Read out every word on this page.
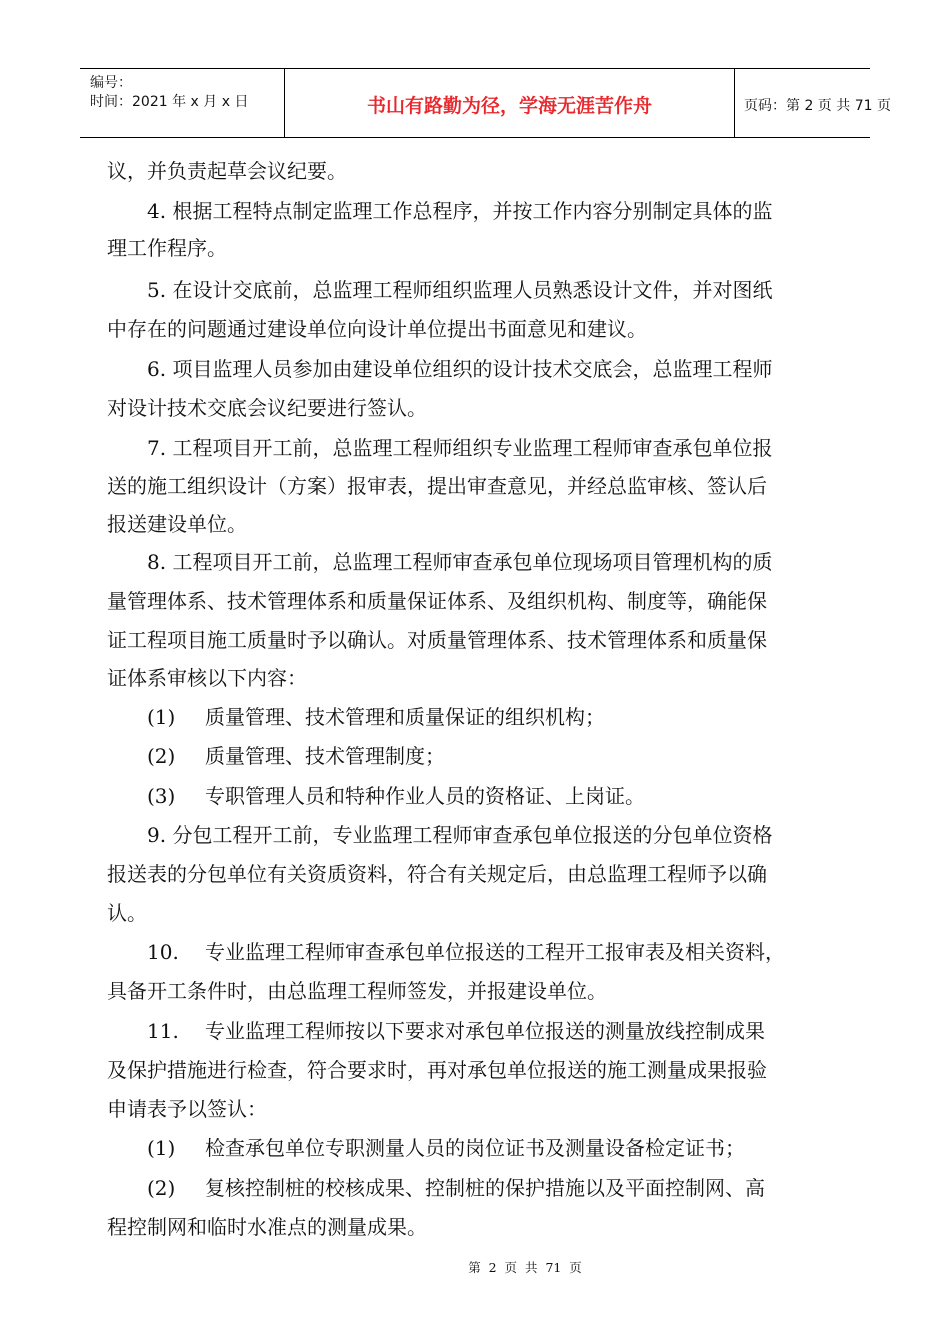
编号：
时间：2021 年 x 月 x 日	书山有路勤为径，学海无涯苦作舟	页码：第 2 页 共 71 页
议，并负责起草会议纪要。
4. 根据工程特点制定监理工作总程序，并按工作内容分别制定具体的监
理工作程序。
5. 在设计交底前，总监理工程师组织监理人员熟悉设计文件，并对图纸
中存在的问题通过建设单位向设计单位提出书面意见和建议。
6. 项目监理人员参加由建设单位组织的设计技术交底会，总监理工程师
对设计技术交底会议纪要进行签认。
7. 工程项目开工前，总监理工程师组织专业监理工程师审查承包单位报
送的施工组织设计（方案）报审表，提出审查意见，并经总监审核、签认后
报送建设单位。
8. 工程项目开工前，总监理工程师审查承包单位现场项目管理机构的质
量管理体系、技术管理体系和质量保证体系、及组织机构、制度等，确能保
证工程项目施工质量时予以确认。对质量管理体系、技术管理体系和质量保
证体系审核以下内容：
(1) 质量管理、技术管理和质量保证的组织机构；
(2) 质量管理、技术管理制度；
(3) 专职管理人员和特种作业人员的资格证、上岗证。
9. 分包工程开工前，专业监理工程师审查承包单位报送的分包单位资格
报送表的分包单位有关资质资料，符合有关规定后，由总监理工程师予以确
认。
10. 专业监理工程师审查承包单位报送的工程开工报审表及相关资料，
具备开工条件时，由总监理工程师签发，并报建设单位。
11. 专业监理工程师按以下要求对承包单位报送的测量放线控制成果
及保护措施进行检查，符合要求时，再对承包单位报送的施工测量成果报验
申请表予以签认：
(1) 检查承包单位专职测量人员的岗位证书及测量设备检定证书；
(2) 复核控制桩的校核成果、控制桩的保护措施以及平面控制网、高
程控制网和临时水准点的测量成果。
第  2  页  共  71  页
